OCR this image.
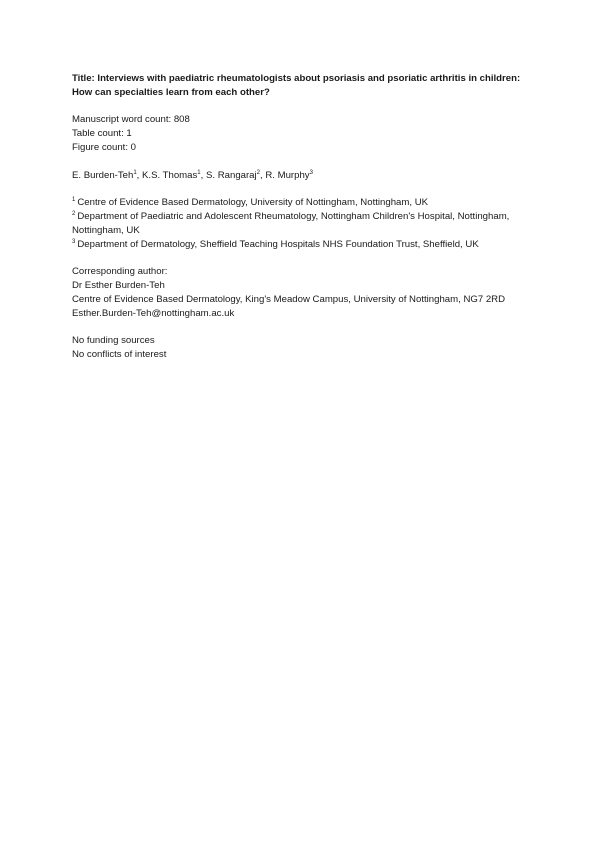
Title: Interviews with paediatric rheumatologists about psoriasis and psoriatic arthritis in children: How can specialties learn from each other?

Manuscript word count: 808
Table count: 1
Figure count: 0
E. Burden-Teh$^1$, K.S. Thomas$^1$, S. Rangaraj$^2$, R. Murphy$^3$
$^1$ Centre of Evidence Based Dermatology, University of Nottingham, Nottingham, UK
$^2$ Department of Paediatric and Adolescent Rheumatology, Nottingham Children's Hospital, Nottingham, Nottingham, UK
$^3$ Department of Dermatology, Sheffield Teaching Hospitals NHS Foundation Trust, Sheffield, UK
Corresponding author:
Dr Esther Burden-Teh
Centre of Evidence Based Dermatology, King's Meadow Campus, University of Nottingham, NG7 2RD
Esther.Burden-Teh@nottingham.ac.uk
No funding sources
No conflicts of interest
